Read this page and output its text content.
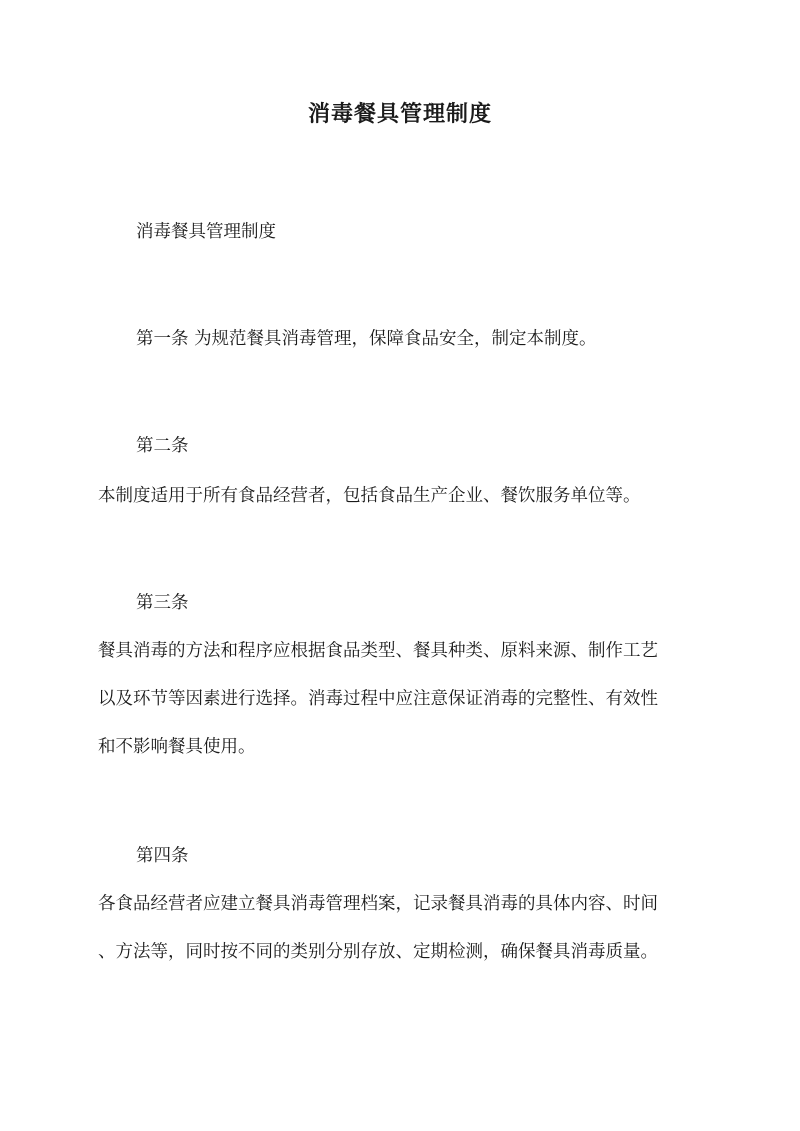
消毒餐具管理制度
消毒餐具管理制度
第一条 为规范餐具消毒管理，保障食品安全，制定本制度。
第二条
本制度适用于所有食品经营者，包括食品生产企业、餐饮服务单位等。
第三条
餐具消毒的方法和程序应根据食品类型、餐具种类、原料来源、制作工艺
以及环节等因素进行选择。消毒过程中应注意保证消毒的完整性、有效性
和不影响餐具使用。
第四条
各食品经营者应建立餐具消毒管理档案，记录餐具消毒的具体内容、时间
、方法等，同时按不同的类别分别存放、定期检测，确保餐具消毒质量。
